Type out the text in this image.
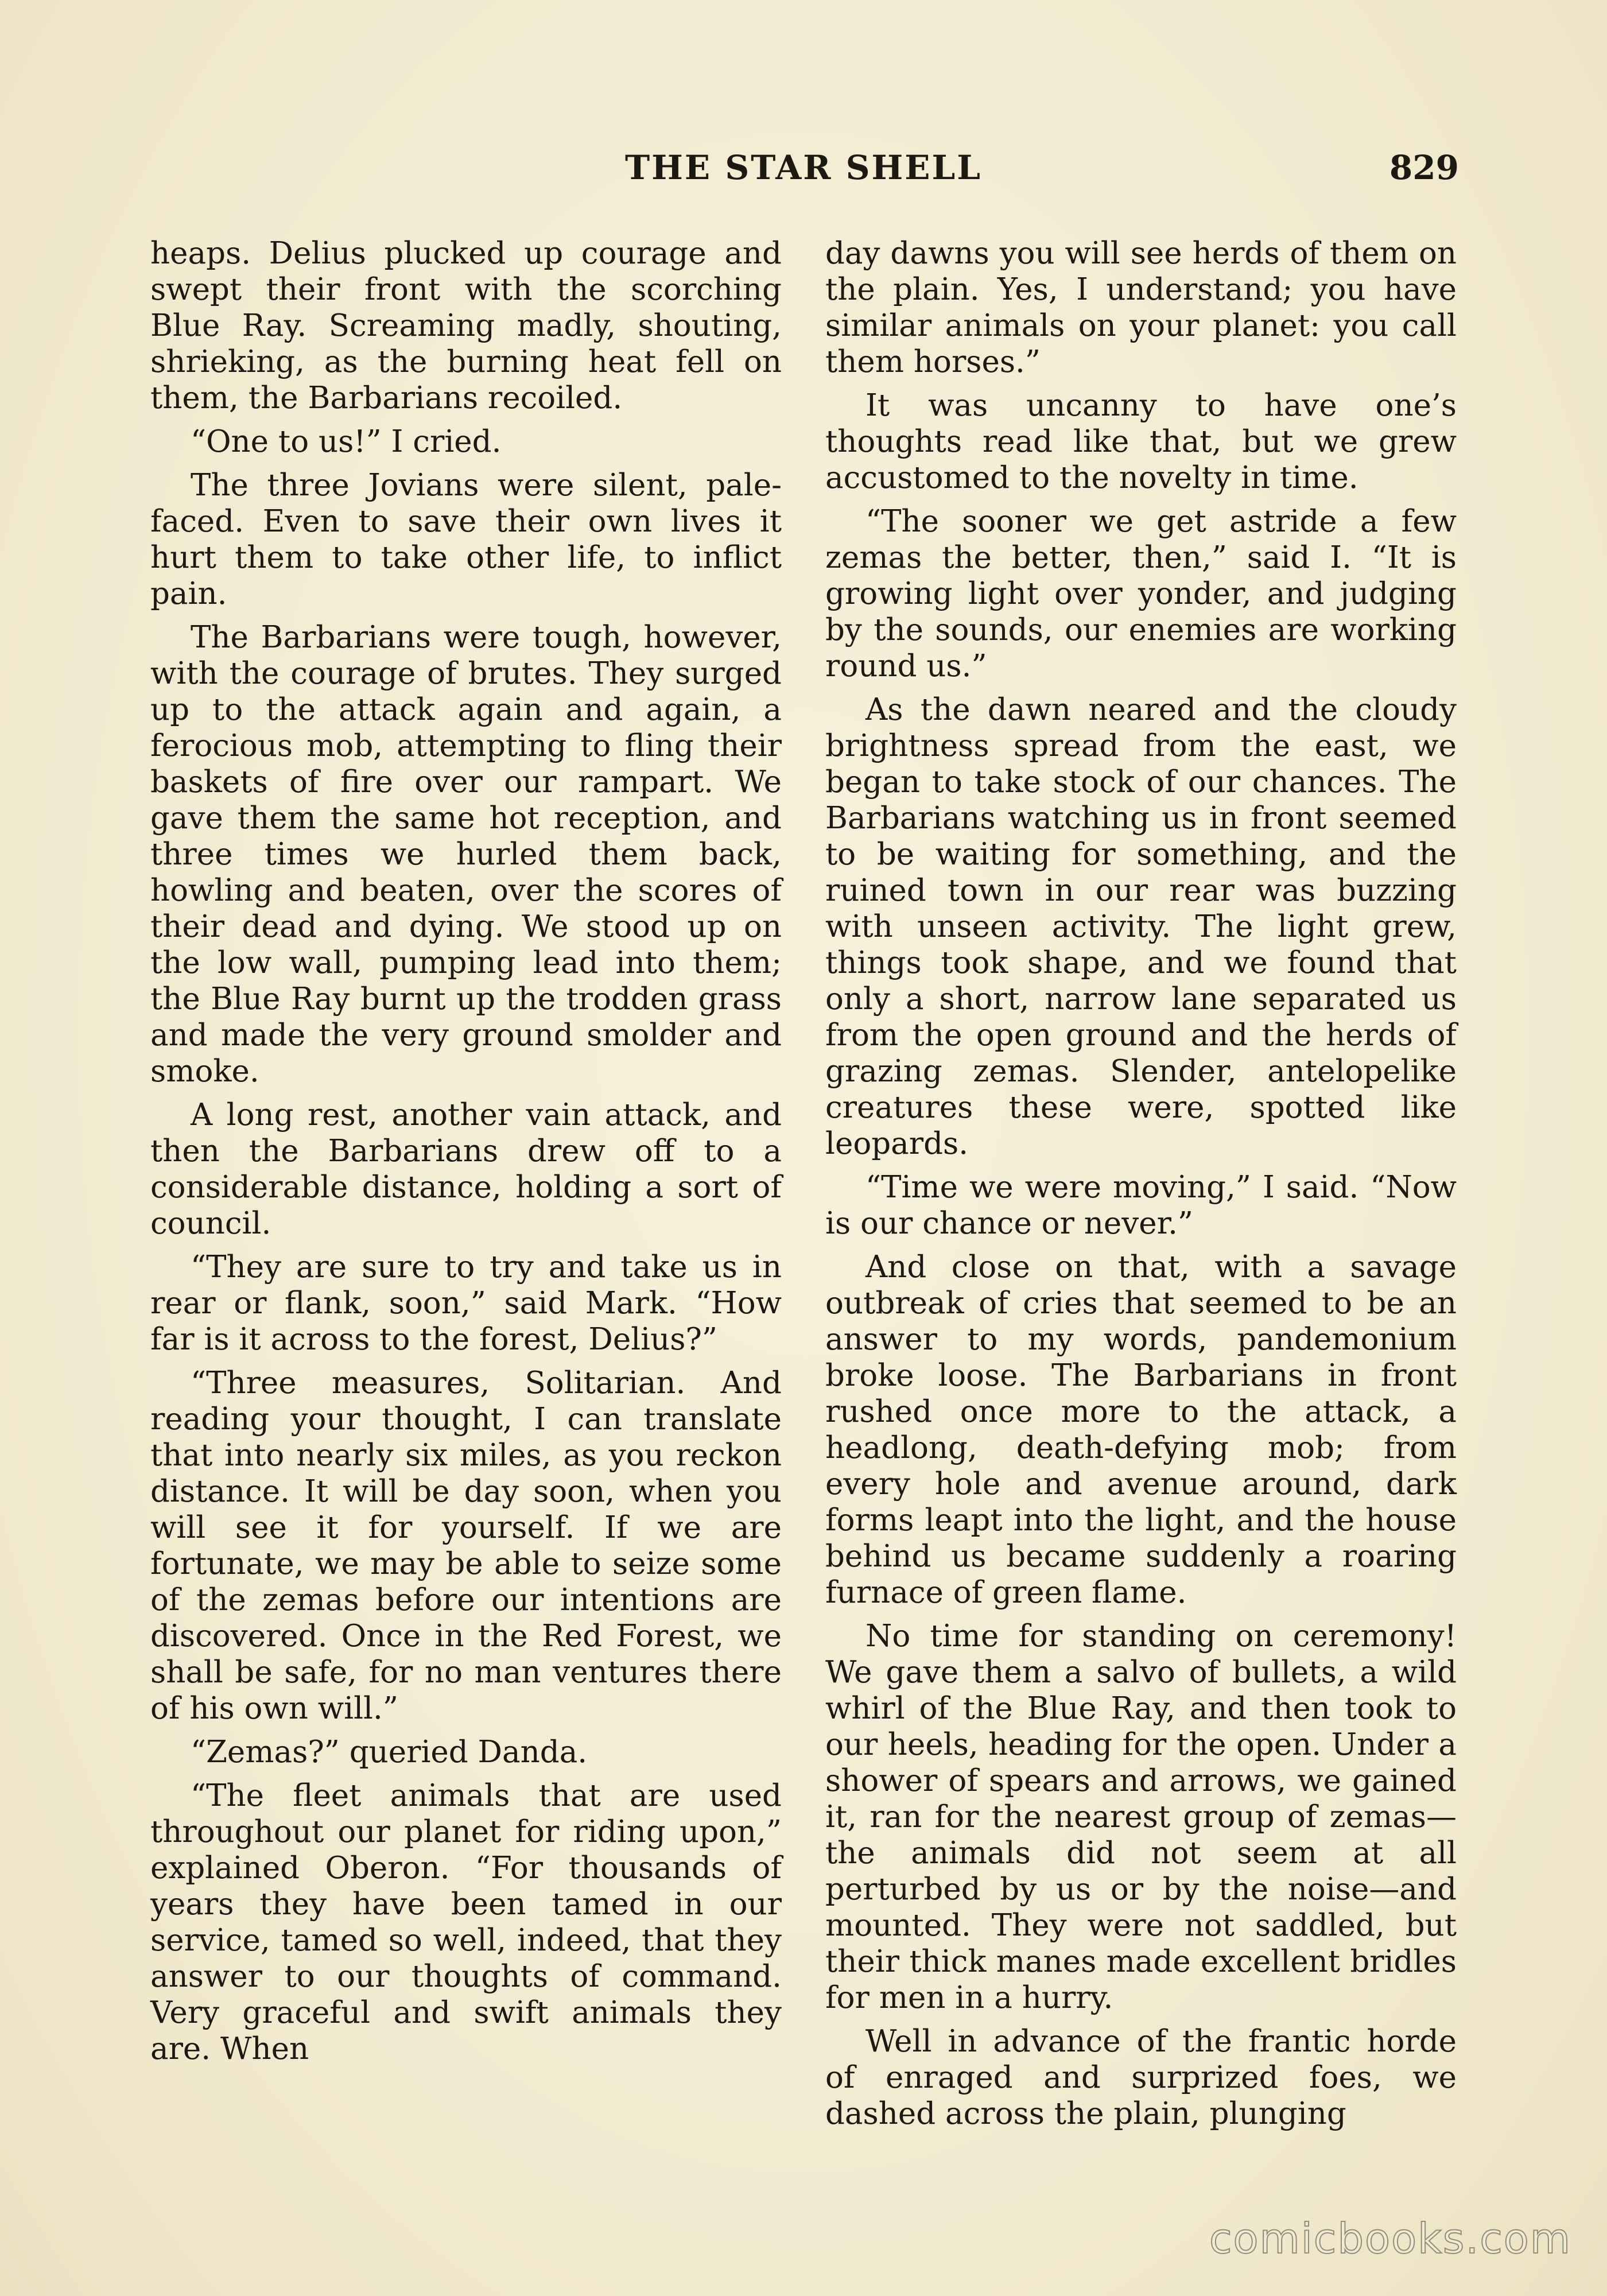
THE STAR SHELL	829

heaps. Delius plucked up courage and swept their front with the scorching Blue Ray. Screaming madly, shouting, shrieking, as the burning heat fell on them, the Barbarians recoiled.

“One to us!” I cried.

The three Jovians were silent, pale-faced. Even to save their own lives it hurt them to take other life, to inflict pain.

The Barbarians were tough, however, with the courage of brutes. They surged up to the attack again and again, a ferocious mob, attempting to fling their baskets of fire over our rampart. We gave them the same hot reception, and three times we hurled them back, howling and beaten, over the scores of their dead and dying. We stood up on the low wall, pumping lead into them; the Blue Ray burnt up the trodden grass and made the very ground smolder and smoke.

A long rest, another vain attack, and then the Barbarians drew off to a considerable distance, holding a sort of council.

“They are sure to try and take us in rear or flank, soon,” said Mark. “How far is it across to the forest, Delius?”

“Three measures, Solitarian. And reading your thought, I can translate that into nearly six miles, as you reckon distance. It will be day soon, when you will see it for yourself. If we are fortunate, we may be able to seize some of the zemas before our intentions are discovered. Once in the Red Forest, we shall be safe, for no man ventures there of his own will.”

“Zemas?” queried Danda.

“The fleet animals that are used throughout our planet for riding upon,” explained Oberon. “For thousands of years they have been tamed in our service, tamed so well, indeed, that they answer to our thoughts of command. Very graceful and swift animals they are. When

day dawns you will see herds of them on the plain. Yes, I understand; you have similar animals on your planet: you call them horses.”

It was uncanny to have one’s thoughts read like that, but we grew accustomed to the novelty in time.

“The sooner we get astride a few zemas the better, then,” said I. “It is growing light over yonder, and judging by the sounds, our enemies are working round us.”

As the dawn neared and the cloudy brightness spread from the east, we began to take stock of our chances. The Barbarians watching us in front seemed to be waiting for something, and the ruined town in our rear was buzzing with unseen activity. The light grew, things took shape, and we found that only a short, narrow lane separated us from the open ground and the herds of grazing zemas. Slender, antelopelike creatures these were, spotted like leopards.

“Time we were moving,” I said. “Now is our chance or never.”

And close on that, with a savage outbreak of cries that seemed to be an answer to my words, pandemonium broke loose. The Barbarians in front rushed once more to the attack, a headlong, death-defying mob; from every hole and avenue around, dark forms leapt into the light, and the house behind us became suddenly a roaring furnace of green flame.

No time for standing on ceremony! We gave them a salvo of bullets, a wild whirl of the Blue Ray, and then took to our heels, heading for the open. Under a shower of spears and arrows, we gained it, ran for the nearest group of zemas—the animals did not seem at all perturbed by us or by the noise—and mounted. They were not saddled, but their thick manes made excellent bridles for men in a hurry.

Well in advance of the frantic horde of enraged and surprized foes, we dashed across the plain, plunging

comicbooks.com
